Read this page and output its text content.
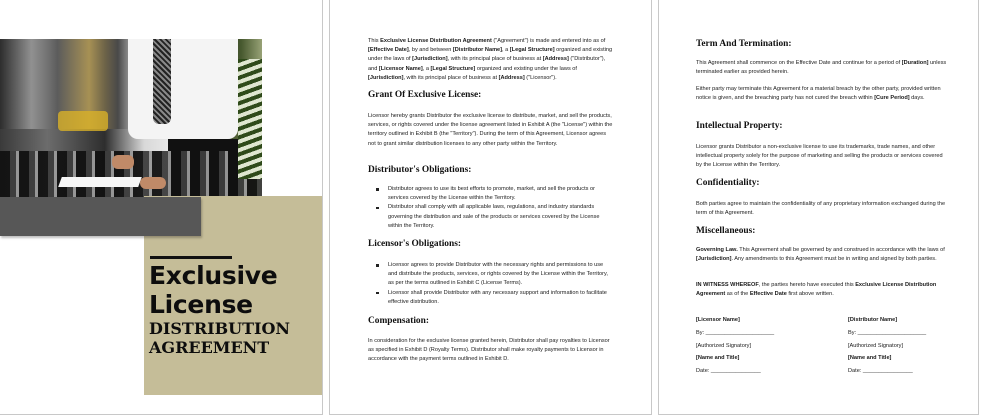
Exclusive
License
DISTRIBUTION
AGREEMENT
This Exclusive License Distribution Agreement ("Agreement") is made and entered into as of [Effective Date], by and between [Distributor Name], a [Legal Structure] organized and existing under the laws of [Jurisdiction], with its principal place of business at [Address] ("Distributor"), and [Licensor Name], a [Legal Structure] organized and existing under the laws of [Jurisdiction], with its principal place of business at [Address] ("Licensor").
Grant Of Exclusive License:
Licensor hereby grants Distributor the exclusive license to distribute, market, and sell the products, services, or rights covered under the license agreement listed in Exhibit A (the "License") within the territory outlined in Exhibit B (the "Territory"). During the term of this Agreement, Licensor agrees not to grant similar distribution licenses to any other party within the Territory.
Distributor's Obligations:
Distributor agrees to use its best efforts to promote, market, and sell the products or services covered by the License within the Territory.
Distributor shall comply with all applicable laws, regulations, and industry standards governing the distribution and sale of the products or services covered by the License within the Territory.
Licensor's Obligations:
Licensor agrees to provide Distributor with the necessary rights and permissions to use and distribute the products, services, or rights covered by the License within the Territory, as per the terms outlined in Exhibit C (License Terms).
Licensor shall provide Distributor with any necessary support and information to facilitate effective distribution.
Compensation:
In consideration for the exclusive license granted herein, Distributor shall pay royalties to Licensor as specified in Exhibit D (Royalty Terms). Distributor shall make royalty payments to Licensor in accordance with the payment terms outlined in Exhibit D.
Term And Termination:
This Agreement shall commence on the Effective Date and continue for a period of [Duration] unless terminated earlier as provided herein.
Either party may terminate this Agreement for a material breach by the other party, provided written notice is given, and the breaching party has not cured the breach within [Cure Period] days.
Intellectual Property:
Licensor grants Distributor a non-exclusive license to use its trademarks, trade names, and other intellectual property solely for the purpose of marketing and selling the products or services covered by the License within the Territory.
Confidentiality:
Both parties agree to maintain the confidentiality of any proprietary information exchanged during the term of this Agreement.
Miscellaneous:
Governing Law. This Agreement shall be governed by and construed in accordance with the laws of [Jurisdiction]. Any amendments to this Agreement must be in writing and signed by both parties.
IN WITNESS WHEREOF, the parties hereto have executed this Exclusive License Distribution Agreement as of the Effective Date first above written.
[Licensor Name]
By: ______________________
[Authorized Signatory]
[Name and Title]
Date: ________________
[Distributor Name]
By: ______________________
[Authorized Signatory]
[Name and Title]
Date: ________________
